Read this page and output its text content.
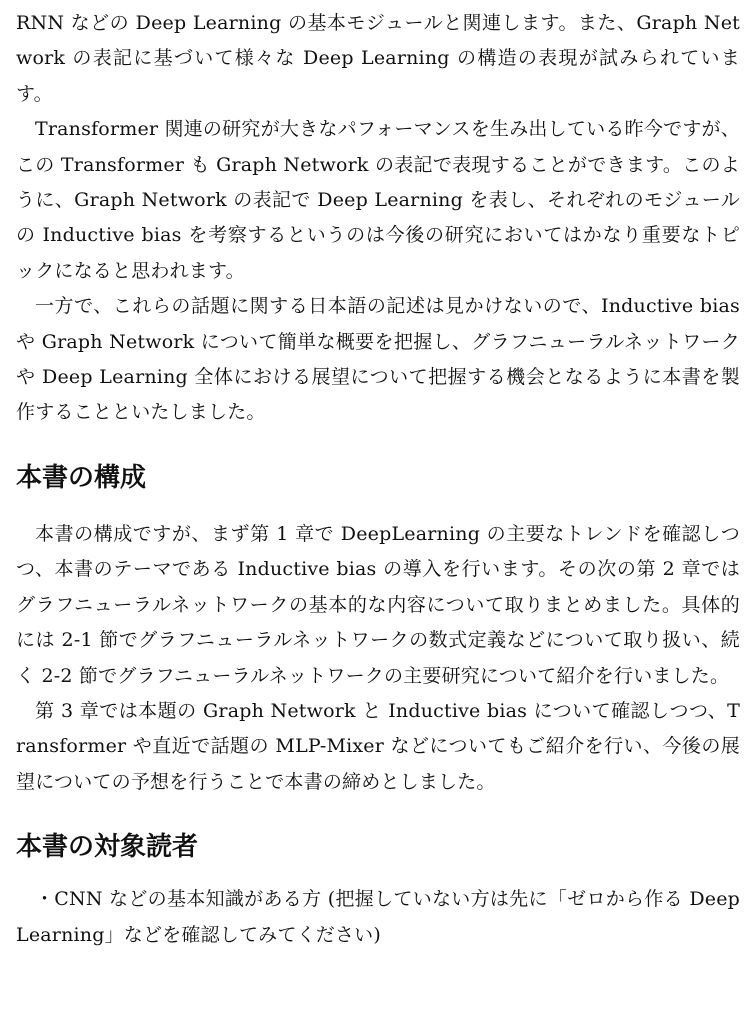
RNN などの Deep Learning の基本モジュールと関連します。また、Graph Network の表記に基づいて様々な Deep Learning の構造の表現が試みられています。

Transformer 関連の研究が大きなパフォーマンスを生み出している昨今ですが、この Transformer も Graph Network の表記で表現することができます。このように、Graph Network の表記で Deep Learning を表し、それぞれのモジュールの Inductive bias を考察するというのは今後の研究においてはかなり重要なトピックになると思われます。

一方で、これらの話題に関する日本語の記述は見かけないので、Inductive bias や Graph Network について簡単な概要を把握し、グラフニューラルネットワークや Deep Learning 全体における展望について把握する機会となるように本書を製作することといたしました。

本書の構成

本書の構成ですが、まず第 1 章で DeepLearning の主要なトレンドを確認しつつ、本書のテーマである Inductive bias の導入を行います。その次の第 2 章ではグラフニューラルネットワークの基本的な内容について取りまとめました。具体的には 2-1 節でグラフニューラルネットワークの数式定義などについて取り扱い、続く 2-2 節でグラフニューラルネットワークの主要研究について紹介を行いました。

第 3 章では本題の Graph Network と Inductive bias について確認しつつ、Transformer や直近で話題の MLP-Mixer などについてもご紹介を行い、今後の展望についての予想を行うことで本書の締めとしました。

本書の対象読者

・CNN などの基本知識がある方 (把握していない方は先に「ゼロから作る Deep Learning」などを確認してみてください)
